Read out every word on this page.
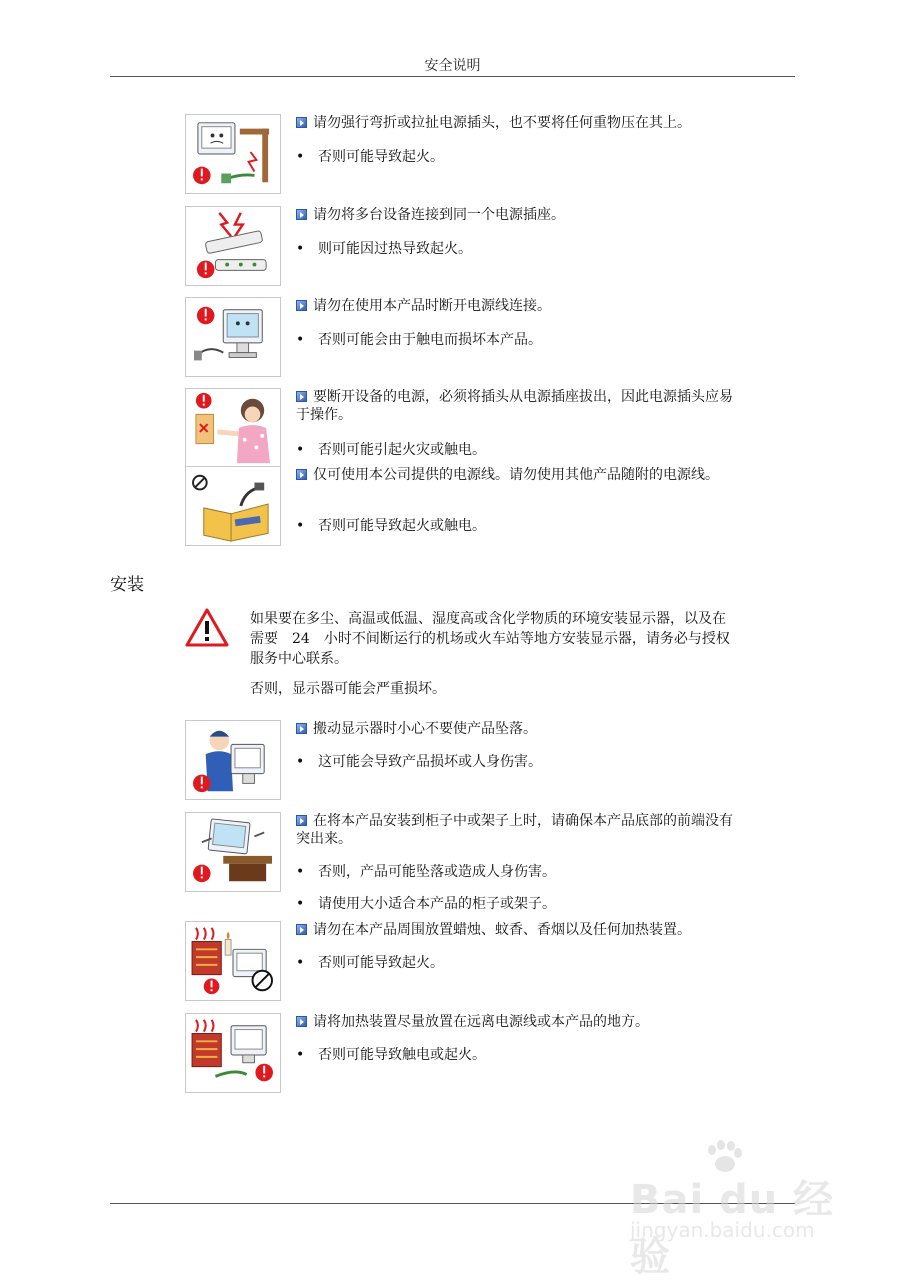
安全说明
请勿强行弯折或拉扯电源插头，也不要将任何重物压在其上。
• 否则可能导致起火。
请勿将多台设备连接到同一个电源插座。
• 则可能因过热导致起火。
请勿在使用本产品时断开电源线连接。
• 否则可能会由于触电而损坏本产品。
要断开设备的电源，必须将插头从电源插座拔出，因此电源插头应易于操作。
• 否则可能引起火灾或触电。
仅可使用本公司提供的电源线。请勿使用其他产品随附的电源线。
• 否则可能导致起火或触电。
安装
如果要在多尘、高温或低温、湿度高或含化学物质的环境安装显示器，以及在需要　24　小时不间断运行的机场或火车站等地方安装显示器，请务必与授权服务中心联系。
否则，显示器可能会严重损坏。
搬动显示器时小心不要使产品坠落。
• 这可能会导致产品损坏或人身伤害。
在将本产品安装到柜子中或架子上时，请确保本产品底部的前端没有突出来。
• 否则，产品可能坠落或造成人身伤害。
• 请使用大小适合本产品的柜子或架子。
请勿在本产品周围放置蜡烛、蚊香、香烟以及任何加热装置。
• 否则可能导致起火。
请将加热装置尽量放置在远离电源线或本产品的地方。
• 否则可能导致触电或起火。
Bai du 经验
jingyan.baidu.com
